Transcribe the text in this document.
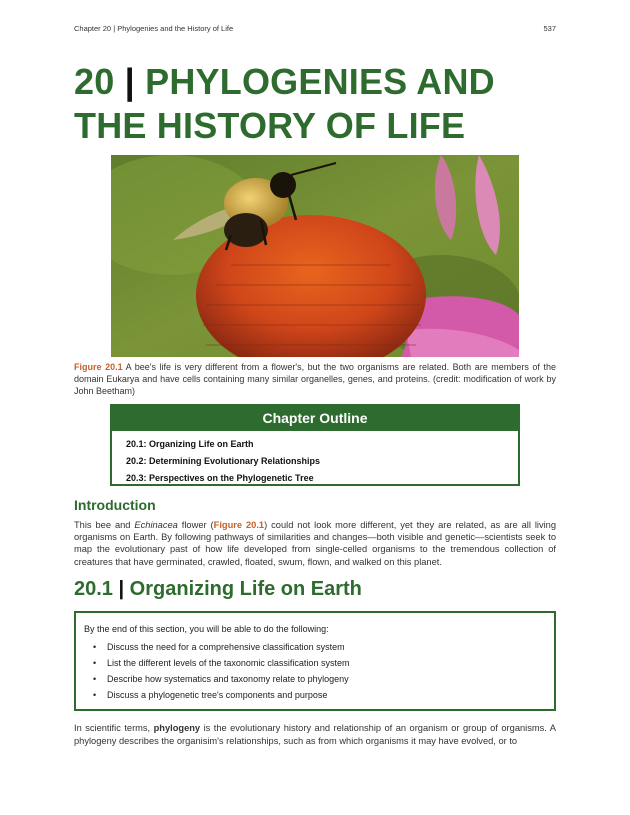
Chapter 20 | Phylogenies and the History of Life	537
20 | PHYLOGENIES AND
THE HISTORY OF LIFE
Figure 20.1 A bee's life is very different from a flower's, but the two organisms are related. Both are members of the domain Eukarya and have cells containing many similar organelles, genes, and proteins. (credit: modification of work by John Beetham)
Chapter Outline
20.1: Organizing Life on Earth
20.2: Determining Evolutionary Relationships
20.3: Perspectives on the Phylogenetic Tree
Introduction
This bee and Echinacea flower (Figure 20.1) could not look more different, yet they are related, as are all living organisms on Earth. By following pathways of similarities and changes—both visible and genetic—scientists seek to map the evolutionary past of how life developed from single-celled organisms to the tremendous collection of creatures that have germinated, crawled, floated, swum, flown, and walked on this planet.
20.1 | Organizing Life on Earth
By the end of this section, you will be able to do the following:
•	Discuss the need for a comprehensive classification system
•	List the different levels of the taxonomic classification system
•	Describe how systematics and taxonomy relate to phylogeny
•	Discuss a phylogenetic tree's components and purpose
In scientific terms, phylogeny is the evolutionary history and relationship of an organism or group of organisms. A phylogeny describes the organisim's relationships, such as from which organisms it may have evolved, or to
